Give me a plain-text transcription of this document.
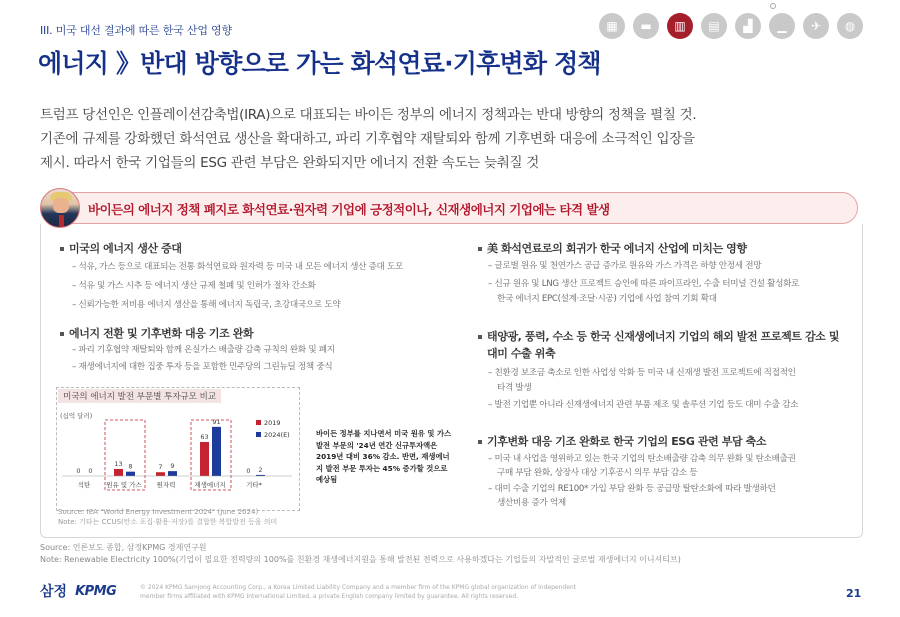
III. 미국 대선 결과에 따른 한국 산업 영향
에너지 》반대 방향으로 가는 화석연료·기후변화 정책
▦	▬	▥	▤	▟	▁	✈	◍

트럼프 당선인은 인플레이션감축법(IRA)으로 대표되는 바이든 정부의 에너지 정책과는 반대 방향의 정책을 펼칠 것.

기존에 규제를 강화했던 화석연료 생산을 확대하고, 파리 기후협약 재탈퇴와 함께 기후변화 대응에 소극적인 입장을

제시. 따라서 한국 기업들의 ESG 관련 부담은 완화되지만 에너지 전환 속도는 늦춰질 것

바이든의 에너지 정책 폐지로 화석연료·원자력 기업에 긍정적이나, 신재생에너지 기업에는 타격 발생
미국의 에너지 생산 증대
– 석유, 가스 등으로 대표되는 전통 화석연료와 원자력 등 미국 내 모든 에너지 생산 증대 도모
– 석유 및 가스 시추 등 에너지 생산 규제 철폐 및 인허가 절차 간소화
– 신뢰가능한 저비용 에너지 생산을 통해 에너지 독립국, 초강대국으로 도약
에너지 전환 및 기후변화 대응 기조 완화
– 파리 기후협약 재탈퇴와 함께 온실가스 배출량 감축 규칙의 완화 및 폐지
– 재생에너지에 대한 집중 투자 등을 포함한 민주당의 그린뉴딜 정책 중식
미국의 에너지 발전 부문별 투자규모 비교
(십억 달러)
0 0
석탄
13 8
원유 및 가스
7 9
원자력
63
91
재생에너지
0 2
기타*
2019
2024(E)	바이든 정부를 지나면서 미국 원유 및 가스 발전 부문의 '24년 연간 신규투자액은 2019년 대비 36% 감소. 반면, 재생에너지 발전 부문 투자는 45% 증가할 것으로 예상됨
Source: IEA "World Energy Investment 2024" (June 2024)
Note: 기타는 CCUS(탄소 포집·활용·저장)를 결합한 복합발전 등을 의미
美 화석연료로의 회귀가 한국 에너지 산업에 미치는 영향
– 글로벌 원유 및 천연가스 공급 증가로 원유와 가스 가격은 하향 안정세 전망
– 신규 원유 및 LNG 생산 프로젝트 승인에 따른 파이프라인, 수출 터미널 건설 활성화로
한국 에너지 EPC(설계·조달·시공) 기업에 사업 참여 기회 확대
태양광, 풍력, 수소 등 한국 신재생에너지 기업의 해외 발전 프로젝트 감소 및
대미 수출 위축
– 친환경 보조금 축소로 인한 사업성 악화 등 미국 내 신재생 발전 프로젝트에 직접적인
타격 발생
– 발전 기업뿐 아니라 신재생에너지 관련 부품 제조 및 솔루션 기업 등도 대미 수출 감소
기후변화 대응 기조 완화로 한국 기업의 ESG 관련 부담 축소
– 미국 내 사업을 영위하고 있는 한국 기업의 탄소배출량 감축 의무 완화 및 탄소배출권
구매 부담 완화, 상장사 대상 기후공시 의무 부담 감소 등
– 대미 수출 기업의 RE100* 가입 부담 완화 등 공급망 탈탄소화에 따라 발생하던
생산비용 증가 억제
Source: 언론보도 종합, 삼정KPMG 경제연구원
Note: Renewable Electricity 100%(기업이 필요한 전력량의 100%를 친환경 재생에너지원을 통해 발전된 전력으로 사용하겠다는 기업들의 자발적인 글로벌 재생에너지 이니셔티브)
삼정 KPMG	© 2024 KPMG Samjong Accounting Corp., a Korea Limited Liability Company and a member firm of the KPMG global organization of independent
member firms affiliated with KPMG International Limited, a private English company limited by guarantee. All rights reserved.	21
